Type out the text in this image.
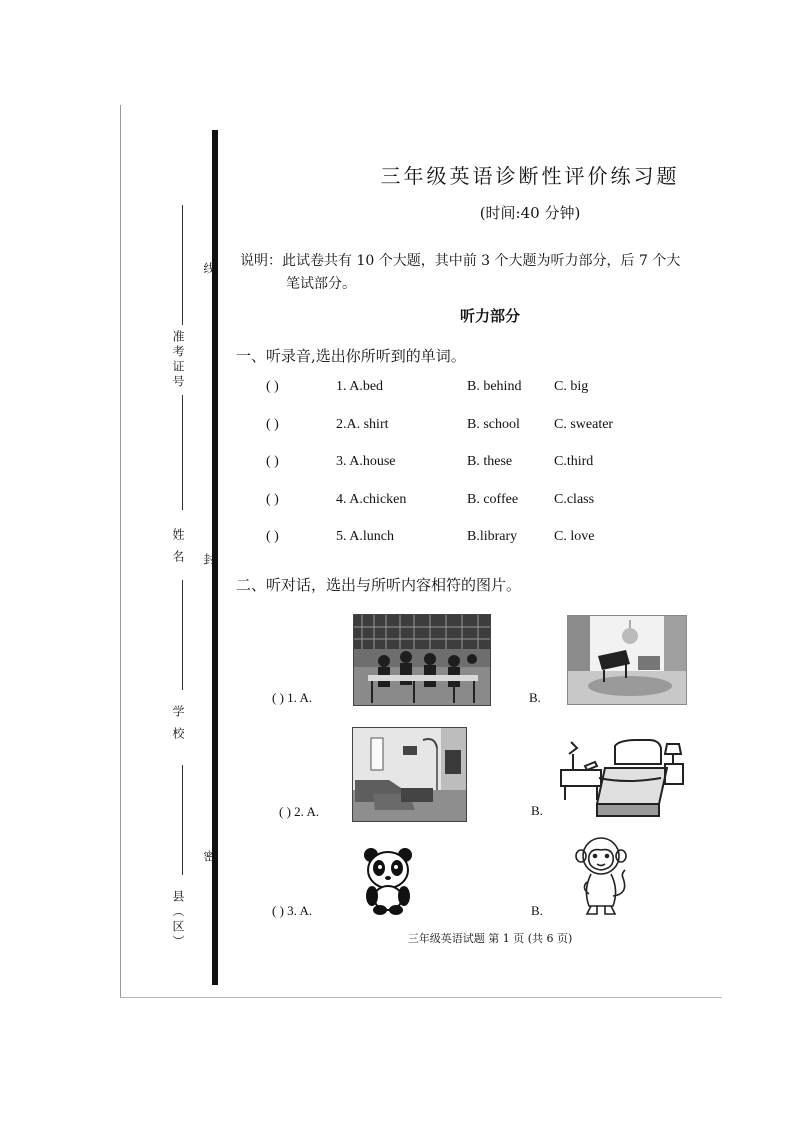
准考证号
姓 名
学 校
县（区）
线
封
密
三年级英语诊断性评价练习题
(时间:40 分钟)
说明：此试卷共有 10 个大题，其中前 3 个大题为听力部分，后 7 个大
笔试部分。
听力部分
一、听录音,选出你所听到的单词。
( )	1. A.bed	B. behind C. big
( )	2.A. shirt	B. school C. sweater
( )	3. A.house	B. these	C.third
( )	4. A.chicken	B. coffee	C.class
( )	5. A.lunch	B.library	C. love
二、听对话，选出与所听内容相符的图片。
( ) 1. A.	B.
( ) 2. A.	B.
( ) 3. A.	B.
三年级英语试题 第 1 页 (共 6 页)
